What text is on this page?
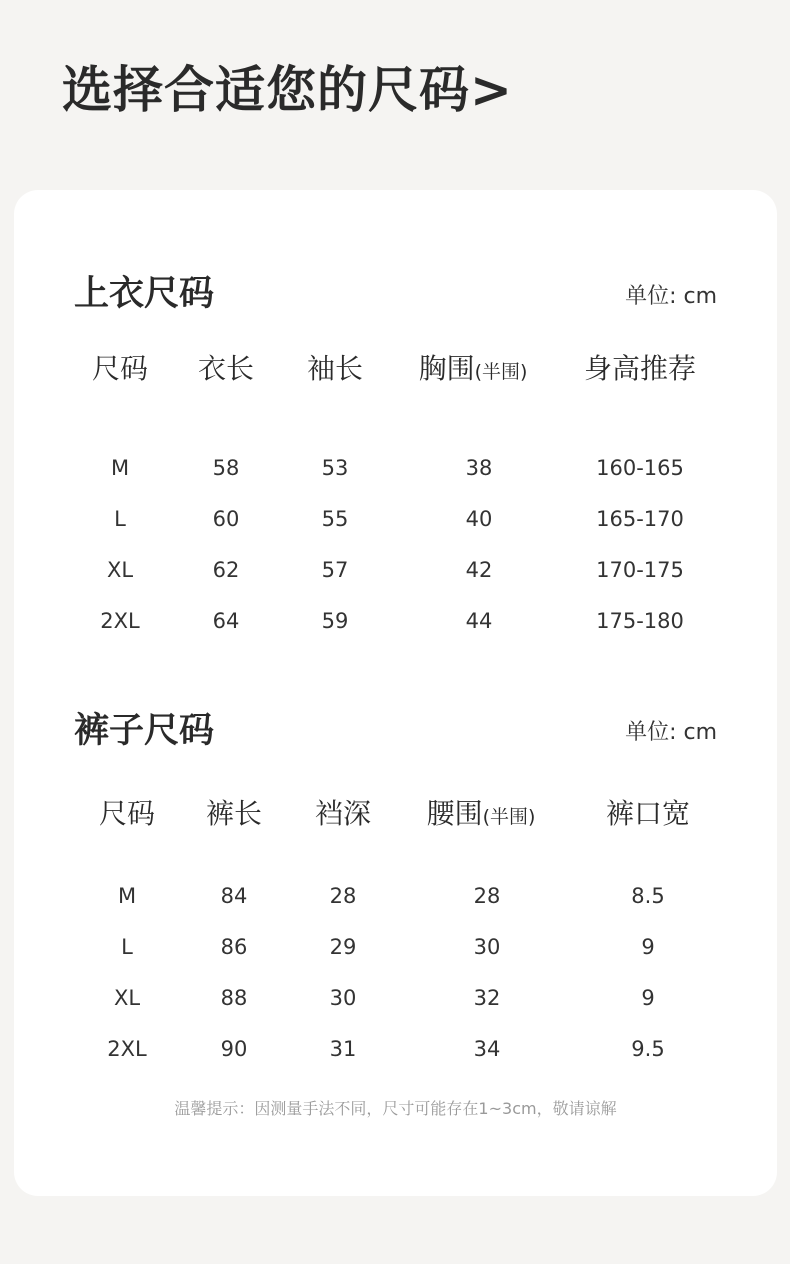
选择合适您的尺码>
上衣尺码	单位: cm
尺码	衣长	袖长	胸围(半围)	身高推荐
M	58	53	38	160-165
L	60	55	40	165-170
XL	62	57	42	170-175
2XL	64	59	44	175-180
裤子尺码	单位: cm
尺码	裤长	裆深	腰围(半围)	裤口宽
M	84	28	28	8.5
L	86	29	30	9
XL	88	30	32	9
2XL	90	31	34	9.5
温馨提示：因测量手法不同，尺寸可能存在1~3cm，敬请谅解
